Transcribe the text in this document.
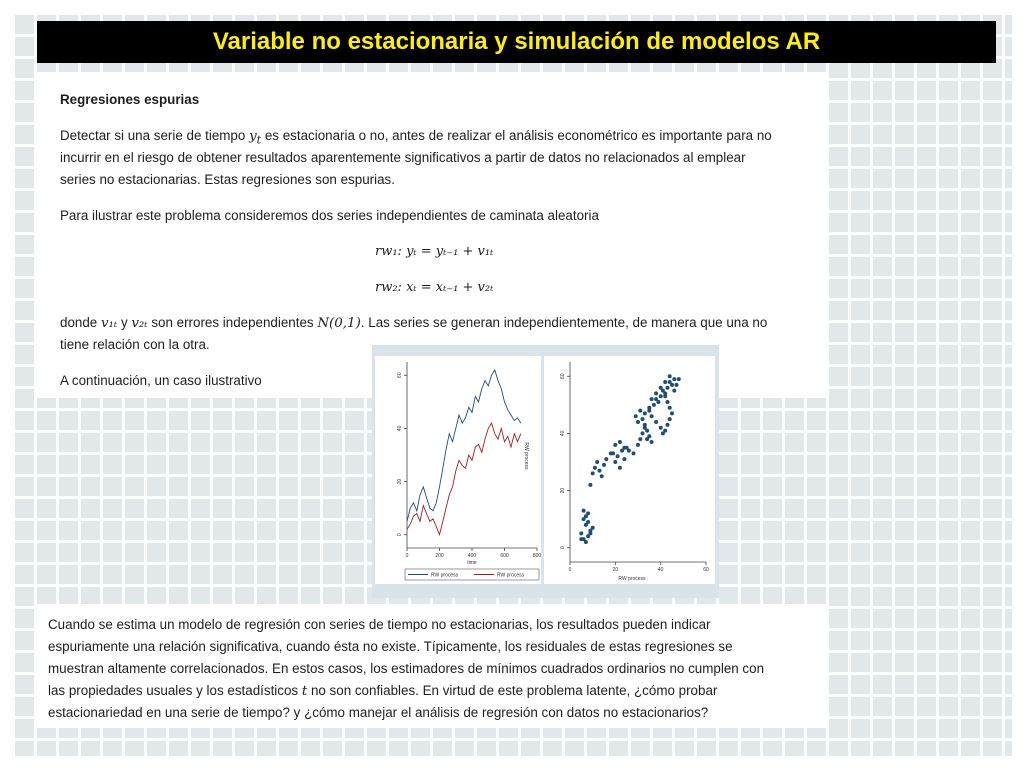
Variable no estacionaria y simulación de modelos AR
Regresiones espurias
Detectar si una serie de tiempo $y_t$ es estacionaria o no, antes de realizar el análisis econométrico es importante para no
incurrir en el riesgo de obtener resultados aparentemente significativos a partir de datos no relacionados al emplear
series no estacionarias. Estas regresiones son espurias.
Para ilustrar este problema consideremos dos series independientes de caminata aleatoria
rw₁: yₜ = yₜ₋₁ + v₁ₜ
rw₂: xₜ = xₜ₋₁ + v₂ₜ
donde v₁ₜ y v₂ₜ son errores independientes N(0,1). Las series se generan independientemente, de manera que una no
tiene relación con la otra.
A continuación, un caso ilustrativo
0
20
40
60
0	200	400	600	800
time
RW process
RW process	RW process
0
20
40
60
0	20	40	60
RW process
Cuando se estima un modelo de regresión con series de tiempo no estacionarias, los resultados pueden indicar
espuriamente una relación significativa, cuando ésta no existe. Típicamente, los residuales de estas regresiones se
muestran altamente correlacionados. En estos casos, los estimadores de mínimos cuadrados ordinarios no cumplen con
las propiedades usuales y los estadísticos t no son confiables. En virtud de este problema latente, ¿cómo probar
estacionariedad en una serie de tiempo? y ¿cómo manejar el análisis de regresión con datos no estacionarios?
